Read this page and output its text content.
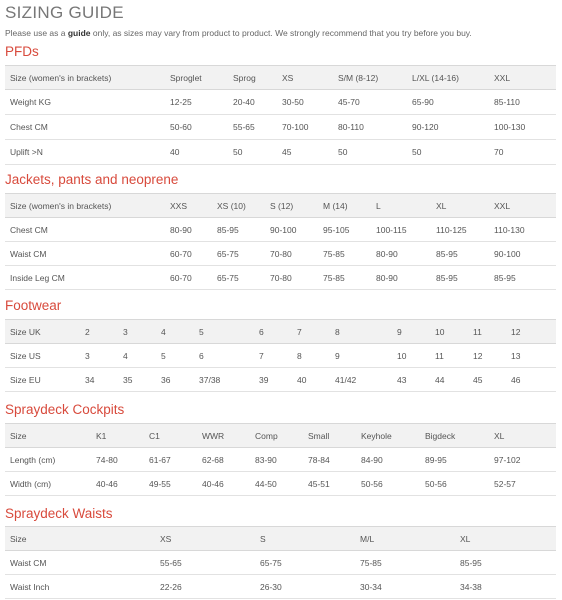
SIZING GUIDE
Please use as a guide only, as sizes may vary from product to product. We strongly recommend that you try before you buy.
PFDs
Size (women's in brackets)	Sproglet	Sprog	XS	S/M (8-12)	L/XL (14-16)	XXL
Weight KG	12-25	20-40	30-50	45-70	65-90	85-110
Chest CM	50-60	55-65	70-100	80-110	90-120	100-130
Uplift >N	40	50	45	50	50	70
Jackets, pants and neoprene
Size (women's in brackets)	XXS	XS (10)	S (12)	M (14)	L	XL	XXL
Chest CM	80-90	85-95	90-100	95-105	100-115	110-125	110-130
Waist CM	60-70	65-75	70-80	75-85	80-90	85-95	90-100
Inside Leg CM	60-70	65-75	70-80	75-85	80-90	85-95	85-95
Footwear
Size UK	2	3	4	5		6	7	8		9	10	11	12
Size US	3	4	5	6		7	8	9		10	11	12	13
Size EU	34	35	36	37/38		39	40	41/42		43	44	45	46
Spraydeck Cockpits
Size	K1	C1	WWR	Comp	Small	Keyhole	Bigdeck	XL
Length (cm)	74-80	61-67	62-68	83-90	78-84	84-90	89-95	97-102
Width (cm)	40-46	49-55	40-46	44-50	45-51	50-56	50-56	52-57
Spraydeck Waists
Size	XS	S	M/L	XL
Waist CM	55-65	65-75	75-85	85-95
Waist Inch	22-26	26-30	30-34	34-38
